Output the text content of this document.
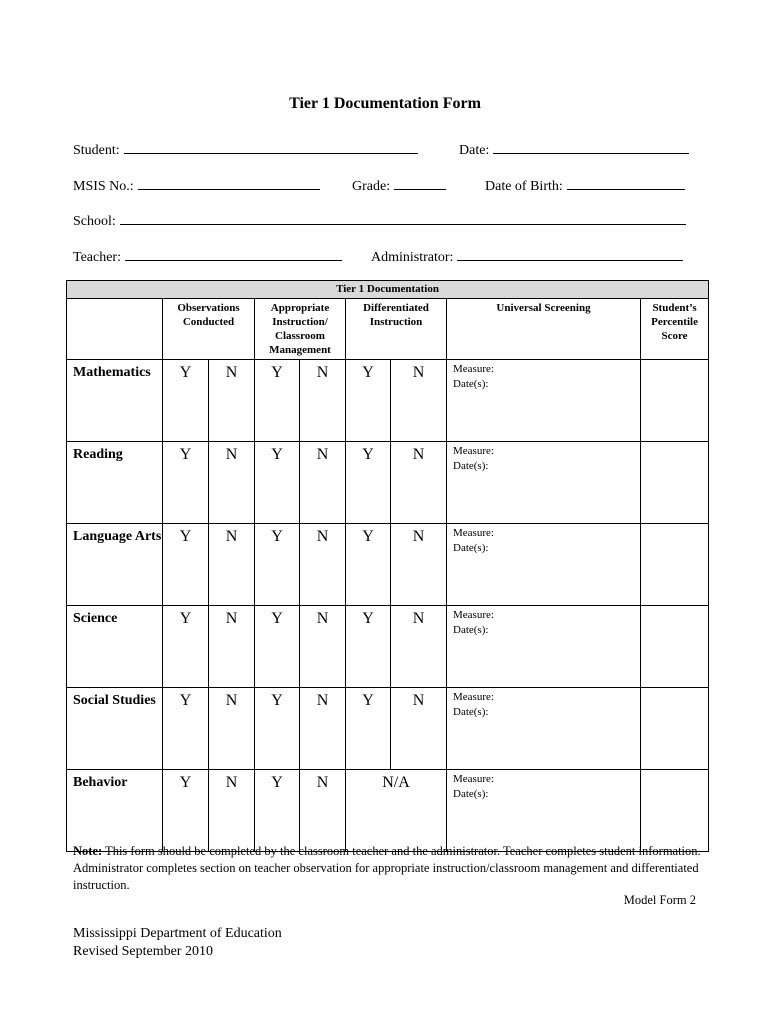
Tier 1 Documentation Form
Student:	Date:
MSIS No.:	Grade:	Date of Birth:
School:
Teacher:	Administrator:
Tier 1 Documentation								
	Observations Conducted		Appropriate Instruction/ Classroom Management		Differentiated Instruction		Universal Screening	Student’s Percentile Score
Mathematics	Y	N	Y	N	Y	N	Measure:
Date(s):	

Reading	Y	N	Y	N	Y	N	Measure:
Date(s):	

Language Arts	Y	N	Y	N	Y	N	Measure:
Date(s):	

Science	Y	N	Y	N	Y	N	Measure:
Date(s):	

Social Studies	Y	N	Y	N	Y	N	Measure:
Date(s):	

Behavior	Y	N	Y	N	N/A		Measure:
Date(s):	

Note: This form should be completed by the classroom teacher and the administrator. Teacher completes student information. Administrator completes section on teacher observation for appropriate instruction/classroom management and differentiated instruction.
Model Form 2
Mississippi Department of Education
Revised September 2010
